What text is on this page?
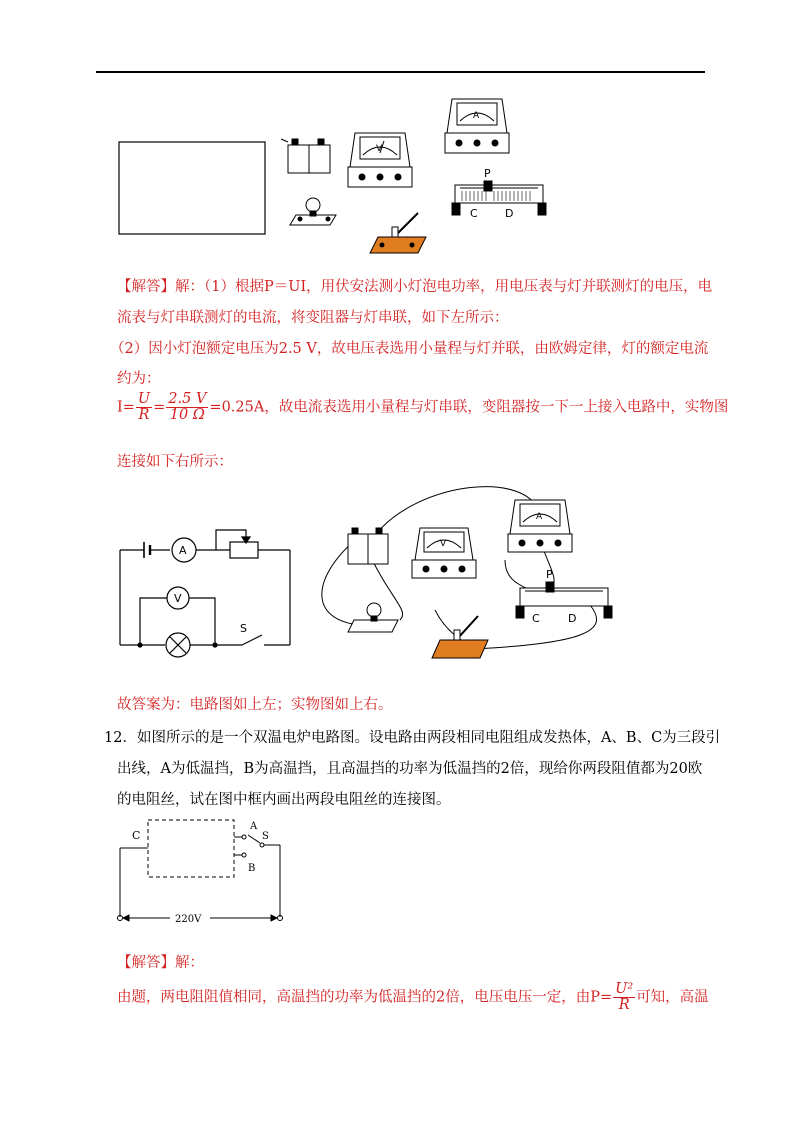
V
A
P
C D
【解答】解：（1）根据P＝UI，用伏安法测小灯泡电功率，用电压表与灯并联测灯的电压，电
流表与灯串联测灯的电流，将变阻器与灯串联，如下左所示：
（2）因小灯泡额定电压为2.5 V，故电压表选用小量程与灯并联，由欧姆定律，灯的额定电流
约为：
$I= \frac{U}{R} = \frac{2.5 V}{10 \Omega} =0.25A$，故电流表选用小量程与灯串联，变阻器按一下一上接入电路中，实物图
连接如下右所示：
A
V
S
V
A
P
C	D
故答案为：电路图如上左；实物图如上右。
12．如图所示的是一个双温电炉电路图。设电路由两段相同电阻组成发热体，A、B、C为三段引
出线，A为低温挡，B为高温挡，且高温挡的功率为低温挡的2倍，现给你两段阻值都为20欧
的电阻丝，试在图中框内画出两段电阻丝的连接图。
C
A
S
B
220V
【解答】解：
由题，两电阻阻值相同，高温挡的功率为低温挡的2倍，电压电压一定，由$P= \frac{\text{U²}}{R}$ 可知，高温
